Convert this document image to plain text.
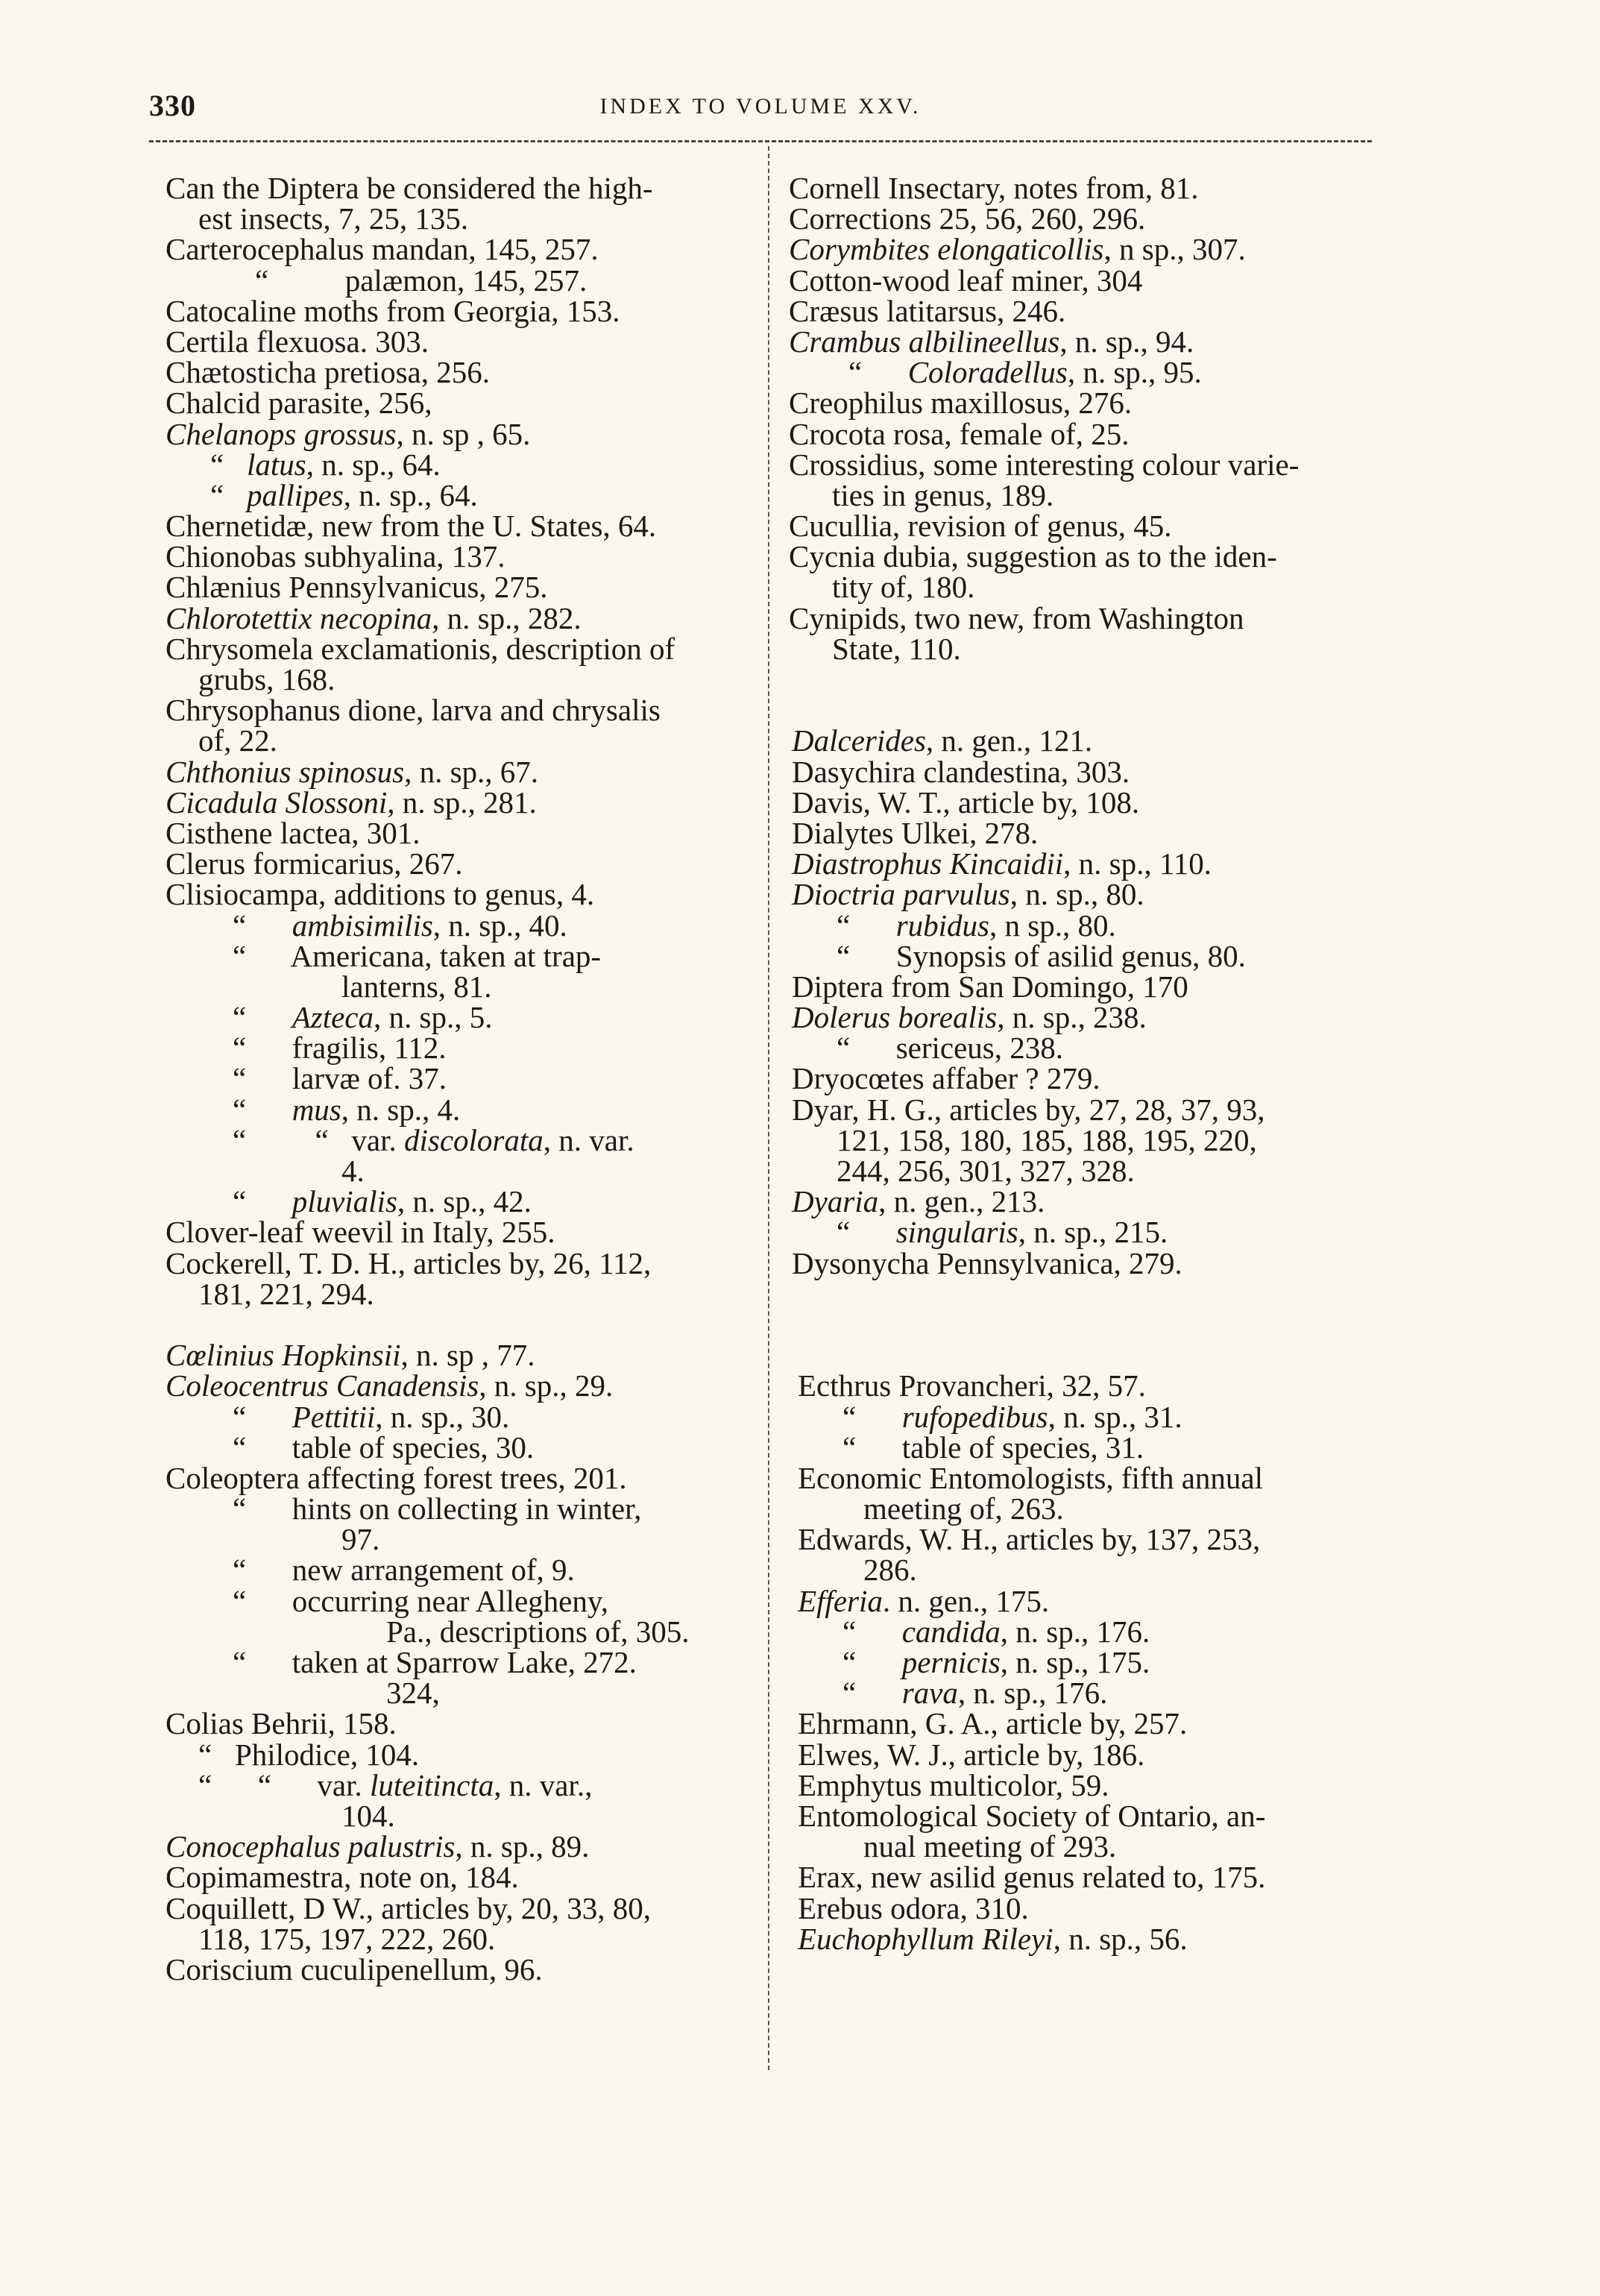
330	INDEX TO VOLUME XXV.
Can the Diptera be considered the high-
est insects, 7, 25, 135.
Carterocephalus mandan, 145, 257.
“          palæmon, 145, 257.
Catocaline moths from Georgia, 153.
Certila flexuosa. 303.
Chætosticha pretiosa, 256.
Chalcid parasite, 256,
Chelanops grossus, n. sp , 65.
“   latus, n. sp., 64.
“   pallipes, n. sp., 64.
Chernetidæ, new from the U. States, 64.
Chionobas subhyalina, 137.
Chlænius Pennsylvanicus, 275.
Chlorotettix necopina, n. sp., 282.
Chrysomela exclamationis, description of
grubs, 168.
Chrysophanus dione, larva and chrysalis
of, 22.
Chthonius spinosus, n. sp., 67.
Cicadula Slossoni, n. sp., 281.
Cisthene lactea, 301.
Clerus formicarius, 267.
Clisiocampa, additions to genus, 4.
“      ambisimilis, n. sp., 40.
“      Americana, taken at trap-
lanterns, 81.
“      Azteca, n. sp., 5.
“      fragilis, 112.
“      larvæ of. 37.
“      mus, n. sp., 4.
“         “   var. discolorata, n. var.
4.
“      pluvialis, n. sp., 42.
Clover-leaf weevil in Italy, 255.
Cockerell, T. D. H., articles by, 26, 112,
181, 221, 294.
Cœlinius Hopkinsii, n. sp , 77.
Coleocentrus Canadensis, n. sp., 29.
“      Pettitii, n. sp., 30.
“      table of species, 30.
Coleoptera affecting forest trees, 201.
“      hints on collecting in winter,
97.
“      new arrangement of, 9.
“      occurring near Allegheny,
Pa., descriptions of, 305.
“      taken at Sparrow Lake, 272.
324,
Colias Behrii, 158.
“   Philodice, 104.
“      “      var. luteitincta, n. var.,
104.
Conocephalus palustris, n. sp., 89.
Copimamestra, note on, 184.
Coquillett, D W., articles by, 20, 33, 80,
118, 175, 197, 222, 260.
Coriscium cuculipenellum, 96.
Cornell Insectary, notes from, 81.
Corrections 25, 56, 260, 296.
Corymbites elongaticollis, n sp., 307.
Cotton-wood leaf miner, 304
Cræsus latitarsus, 246.
Crambus albilineellus, n. sp., 94.
“      Coloradellus, n. sp., 95.
Creophilus maxillosus, 276.
Crocota rosa, female of, 25.
Crossidius, some interesting colour varie-
ties in genus, 189.
Cucullia, revision of genus, 45.
Cycnia dubia, suggestion as to the iden-
tity of, 180.
Cynipids, two new, from Washington
State, 110.
Dalcerides, n. gen., 121.
Dasychira clandestina, 303.
Davis, W. T., article by, 108.
Dialytes Ulkei, 278.
Diastrophus Kincaidii, n. sp., 110.
Dioctria parvulus, n. sp., 80.
“      rubidus, n sp., 80.
“      Synopsis of asilid genus, 80.
Diptera from San Domingo, 170
Dolerus borealis, n. sp., 238.
“      sericeus, 238.
Dryocœtes affaber ? 279.
Dyar, H. G., articles by, 27, 28, 37, 93,
121, 158, 180, 185, 188, 195, 220,
244, 256, 301, 327, 328.
Dyaria, n. gen., 213.
“      singularis, n. sp., 215.
Dysonycha Pennsylvanica, 279.
Ecthrus Provancheri, 32, 57.
“      rufopedibus, n. sp., 31.
“      table of species, 31.
Economic Entomologists, fifth annual
meeting of, 263.
Edwards, W. H., articles by, 137, 253,
286.
Efferia. n. gen., 175.
“      candida, n. sp., 176.
“      pernicis, n. sp., 175.
“      rava, n. sp., 176.
Ehrmann, G. A., article by, 257.
Elwes, W. J., article by, 186.
Emphytus multicolor, 59.
Entomological Society of Ontario, an-
nual meeting of 293.
Erax, new asilid genus related to, 175.
Erebus odora, 310.
Euchophyllum Rileyi, n. sp., 56.
